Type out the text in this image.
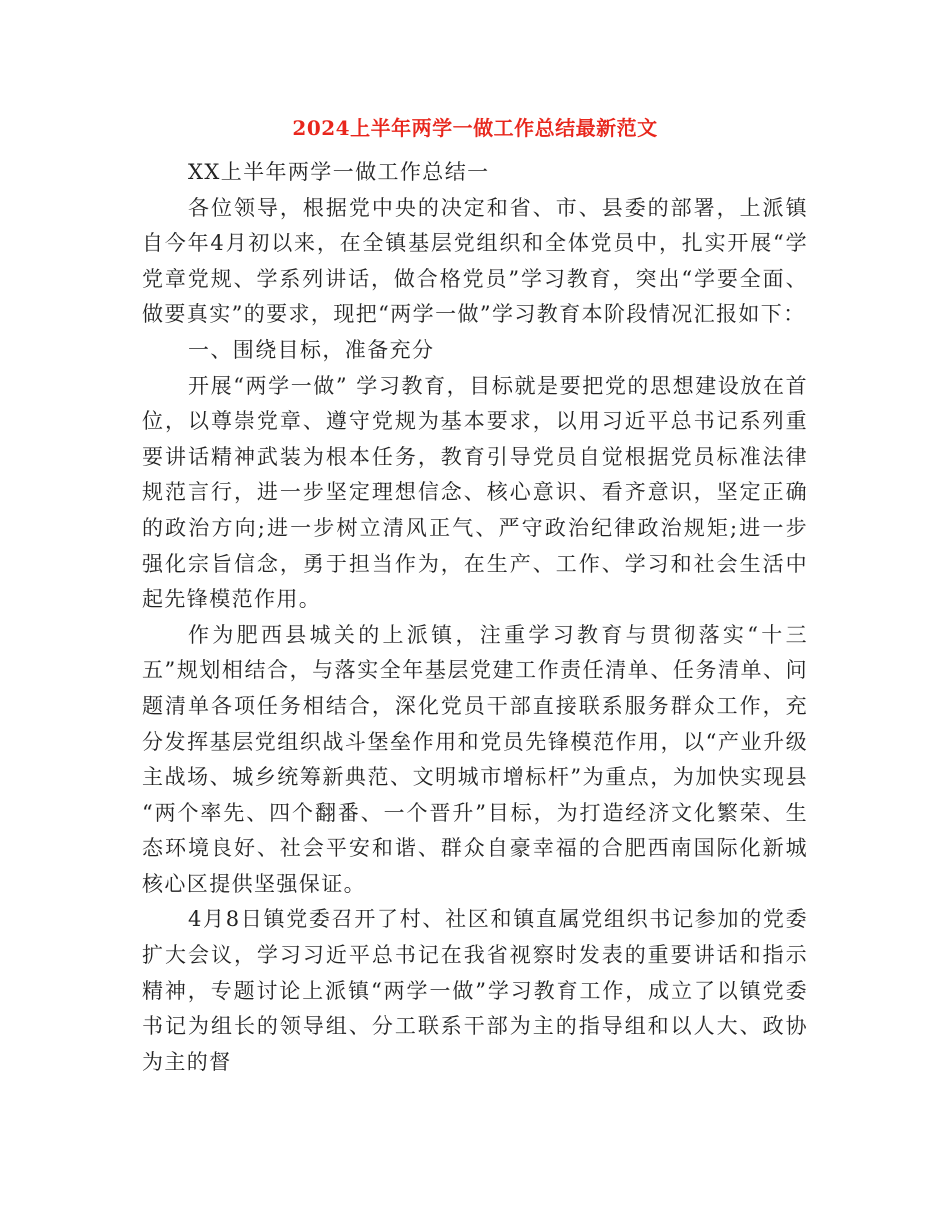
2024上半年两学一做工作总结最新范文

XX上半年两学一做工作总结一

各位领导，根据党中央的决定和省、市、县委的部署，上派镇自今年4月初以来，在全镇基层党组织和全体党员中，扎实开展“学党章党规、学系列讲话，做合格党员”学习教育，突出“学要全面、做要真实”的要求，现把“两学一做”学习教育本阶段情况汇报如下：

一、围绕目标，准备充分

开展“两学一做” 学习教育，目标就是要把党的思想建设放在首位，以尊崇党章、遵守党规为基本要求，以用习近平总书记系列重要讲话精神武装为根本任务，教育引导党员自觉根据党员标准法律规范言行，进一步坚定理想信念、核心意识、看齐意识，坚定正确的政治方向;进一步树立清风正气、严守政治纪律政治规矩;进一步强化宗旨信念，勇于担当作为，在生产、工作、学习和社会生活中起先锋模范作用。

作为肥西县城关的上派镇，注重学习教育与贯彻落实“十三五”规划相结合，与落实全年基层党建工作责任清单、任务清单、问题清单各项任务相结合，深化党员干部直接联系服务群众工作，充分发挥基层党组织战斗堡垒作用和党员先锋模范作用，以“产业升级主战场、城乡统筹新典范、文明城市增标杆”为重点，为加快实现县 “两个率先、四个翻番、一个晋升”目标，为打造经济文化繁荣、生态环境良好、社会平安和谐、群众自豪幸福的合肥西南国际化新城核心区提供坚强保证。

4月8日镇党委召开了村、社区和镇直属党组织书记参加的党委扩大会议，学习习近平总书记在我省视察时发表的重要讲话和指示精神，专题讨论上派镇“两学一做”学习教育工作，成立了以镇党委书记为组长的领导组、分工联系干部为主的指导组和以人大、政协为主的督
